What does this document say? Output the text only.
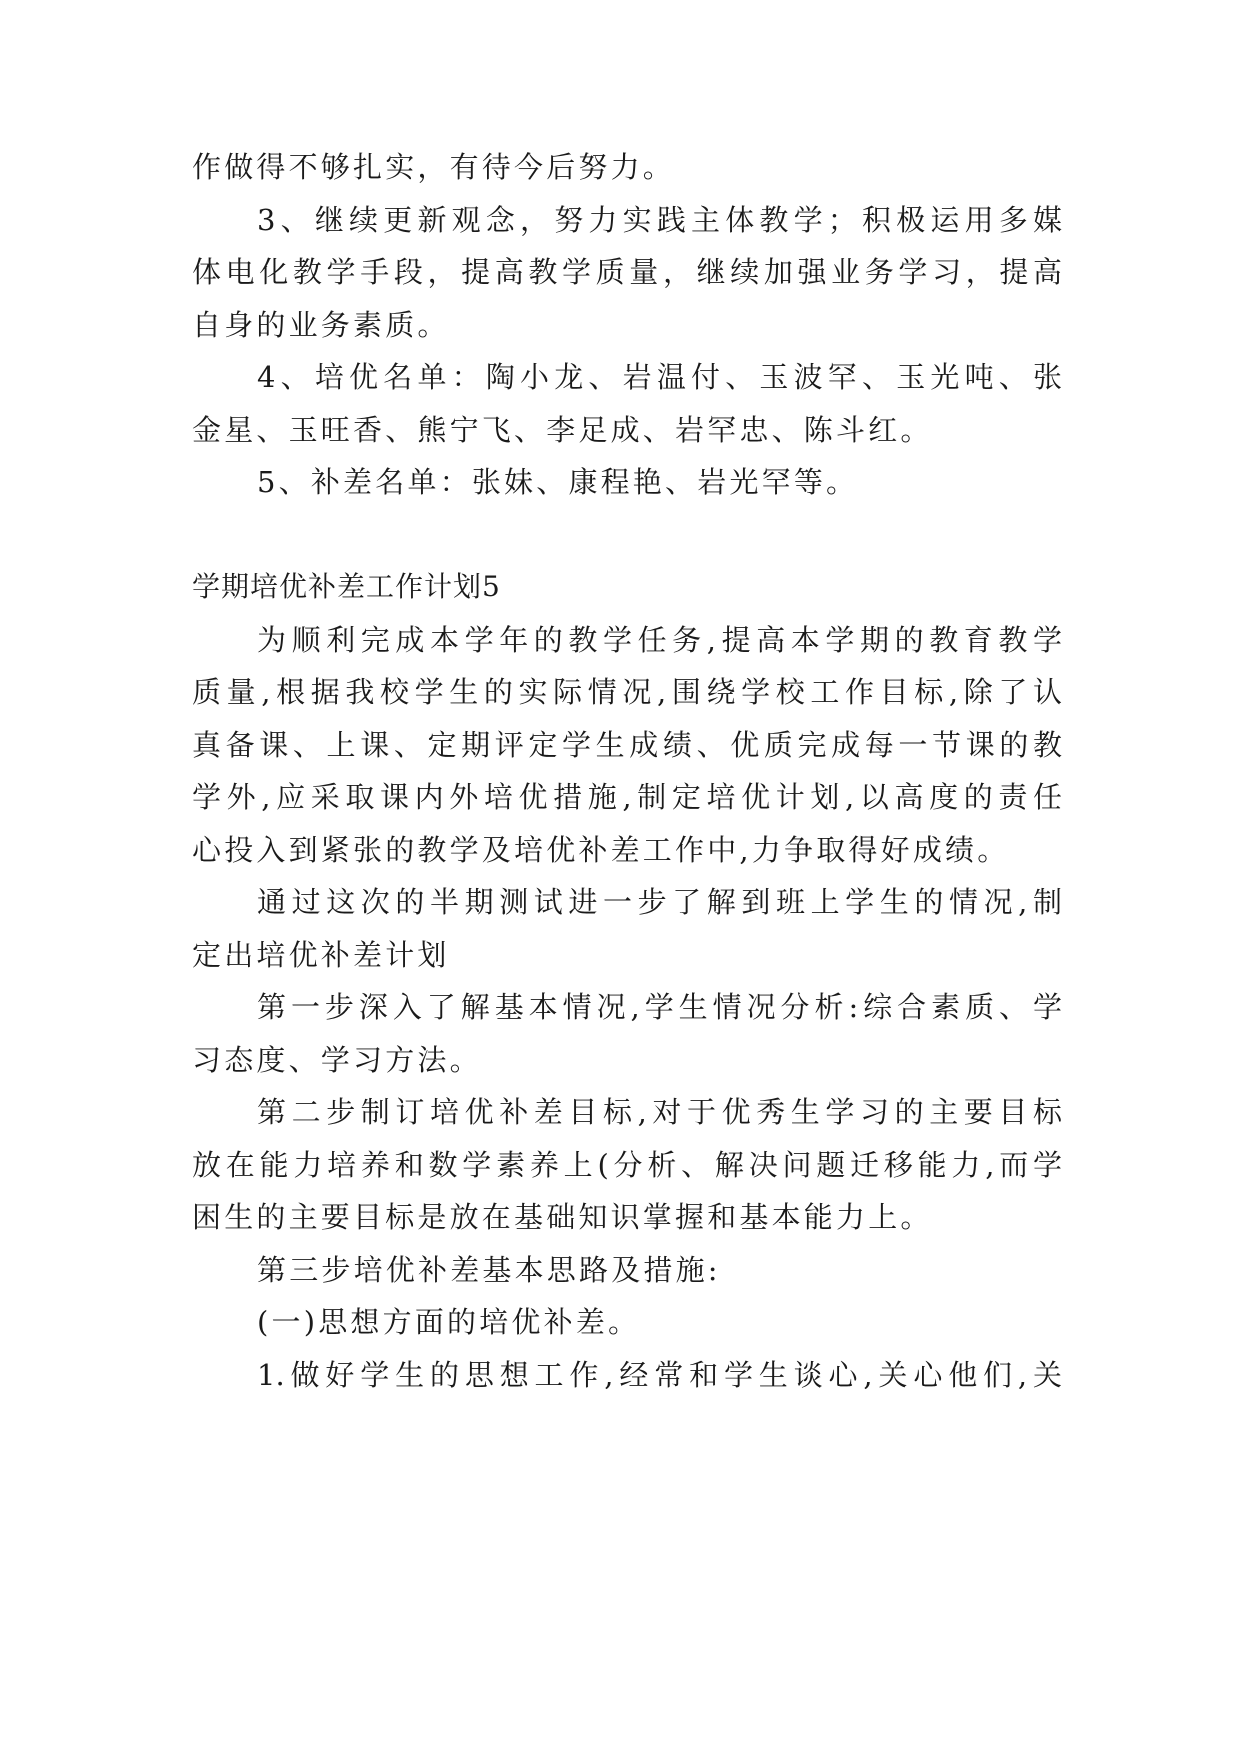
作做得不够扎实，有待今后努力。
3、继续更新观念，努力实践主体教学；积极运用多媒
体电化教学手段，提高教学质量，继续加强业务学习，提高
自身的业务素质。
4、培优名单：陶小龙、岩温付、玉波罕、玉光吨、张
金星、玉旺香、熊宁飞、李足成、岩罕忠、陈斗红。
5、补差名单：张妹、康程艳、岩光罕等。
学期培优补差工作计划5
为顺利完成本学年的教学任务,提高本学期的教育教学
质量,根据我校学生的实际情况,围绕学校工作目标,除了认
真备课、上课、定期评定学生成绩、优质完成每一节课的教
学外,应采取课内外培优措施,制定培优计划,以高度的责任
心投入到紧张的教学及培优补差工作中,力争取得好成绩。
通过这次的半期测试进一步了解到班上学生的情况,制
定出培优补差计划
第一步深入了解基本情况,学生情况分析:综合素质、学
习态度、学习方法。
第二步制订培优补差目标,对于优秀生学习的主要目标
放在能力培养和数学素养上(分析、解决问题迁移能力,而学
困生的主要目标是放在基础知识掌握和基本能力上。
第三步培优补差基本思路及措施:
(一)思想方面的培优补差。
1.做好学生的思想工作,经常和学生谈心,关心他们,关
